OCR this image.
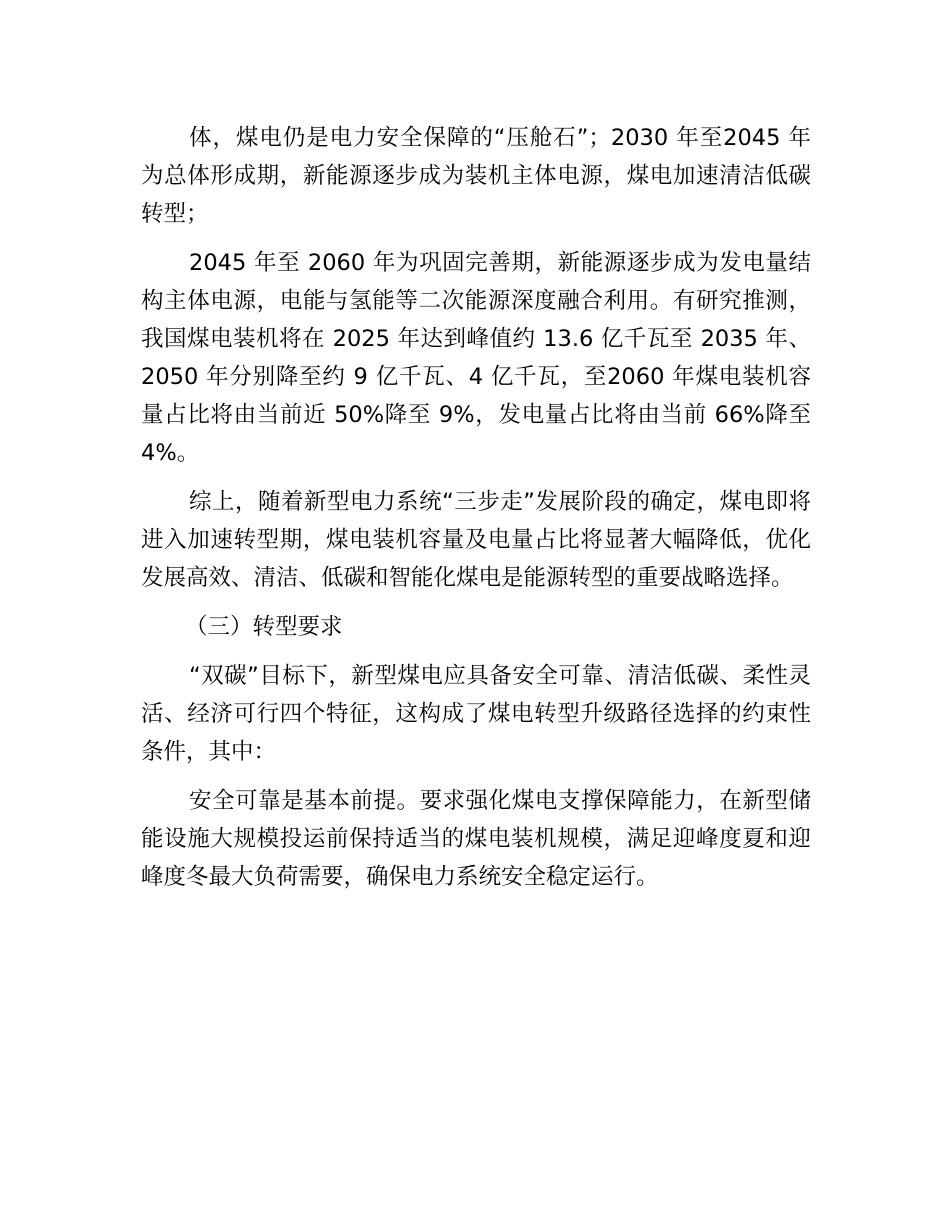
体，煤电仍是电力安全保障的“压舱石”；2030 年至2045 年为总体形成期，新能源逐步成为装机主体电源，煤电加速清洁低碳转型；

2045 年至 2060 年为巩固完善期，新能源逐步成为发电量结构主体电源，电能与氢能等二次能源深度融合利用。有研究推测，我国煤电装机将在 2025 年达到峰值约 13.6 亿千瓦至 2035 年、2050 年分别降至约 9 亿千瓦、4 亿千瓦，至2060 年煤电装机容量占比将由当前近 50%降至 9%，发电量占比将由当前 66%降至 4%。

综上，随着新型电力系统“三步走”发展阶段的确定，煤电即将进入加速转型期，煤电装机容量及电量占比将显著大幅降低，优化发展高效、清洁、低碳和智能化煤电是能源转型的重要战略选择。

（三）转型要求

“双碳”目标下，新型煤电应具备安全可靠、清洁低碳、柔性灵活、经济可行四个特征，这构成了煤电转型升级路径选择的约束性条件，其中：

安全可靠是基本前提。要求强化煤电支撑保障能力，在新型储能设施大规模投运前保持适当的煤电装机规模，满足迎峰度夏和迎峰度冬最大负荷需要，确保电力系统安全稳定运行。
